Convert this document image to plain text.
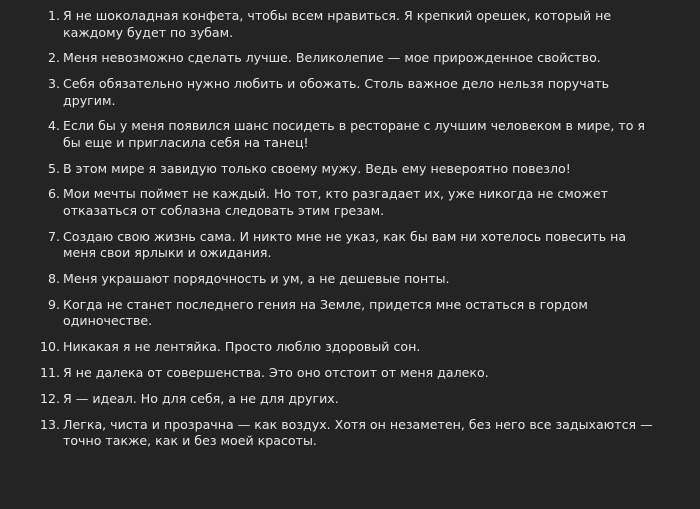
1. Я не шоколадная конфета, чтобы всем нравиться. Я крепкий орешек, который не каждому будет по зубам.
2. Меня невозможно сделать лучше. Великолепие — мое прирожденное свойство.
3. Себя обязательно нужно любить и обожать. Столь важное дело нельзя поручать другим.
4. Если бы у меня появился шанс посидеть в ресторане с лучшим человеком в мире, то я бы еще и пригласила себя на танец!
5. В этом мире я завидую только своему мужу. Ведь ему невероятно повезло!
6. Мои мечты поймет не каждый. Но тот, кто разгадает их, уже никогда не сможет отказаться от соблазна следовать этим грезам.
7. Создаю свою жизнь сама. И никто мне не указ, как бы вам ни хотелось повесить на меня свои ярлыки и ожидания.
8. Меня украшают порядочность и ум, а не дешевые понты.
9. Когда не станет последнего гения на Земле, придется мне остаться в гордом одиночестве.
10. Никакая я не лентяйка. Просто люблю здоровый сон.
11. Я не далека от совершенства. Это оно отстоит от меня далеко.
12. Я — идеал. Но для себя, а не для других.
13. Легка, чиста и прозрачна — как воздух. Хотя он незаметен, без него все задыхаются — точно также, как и без моей красоты.
